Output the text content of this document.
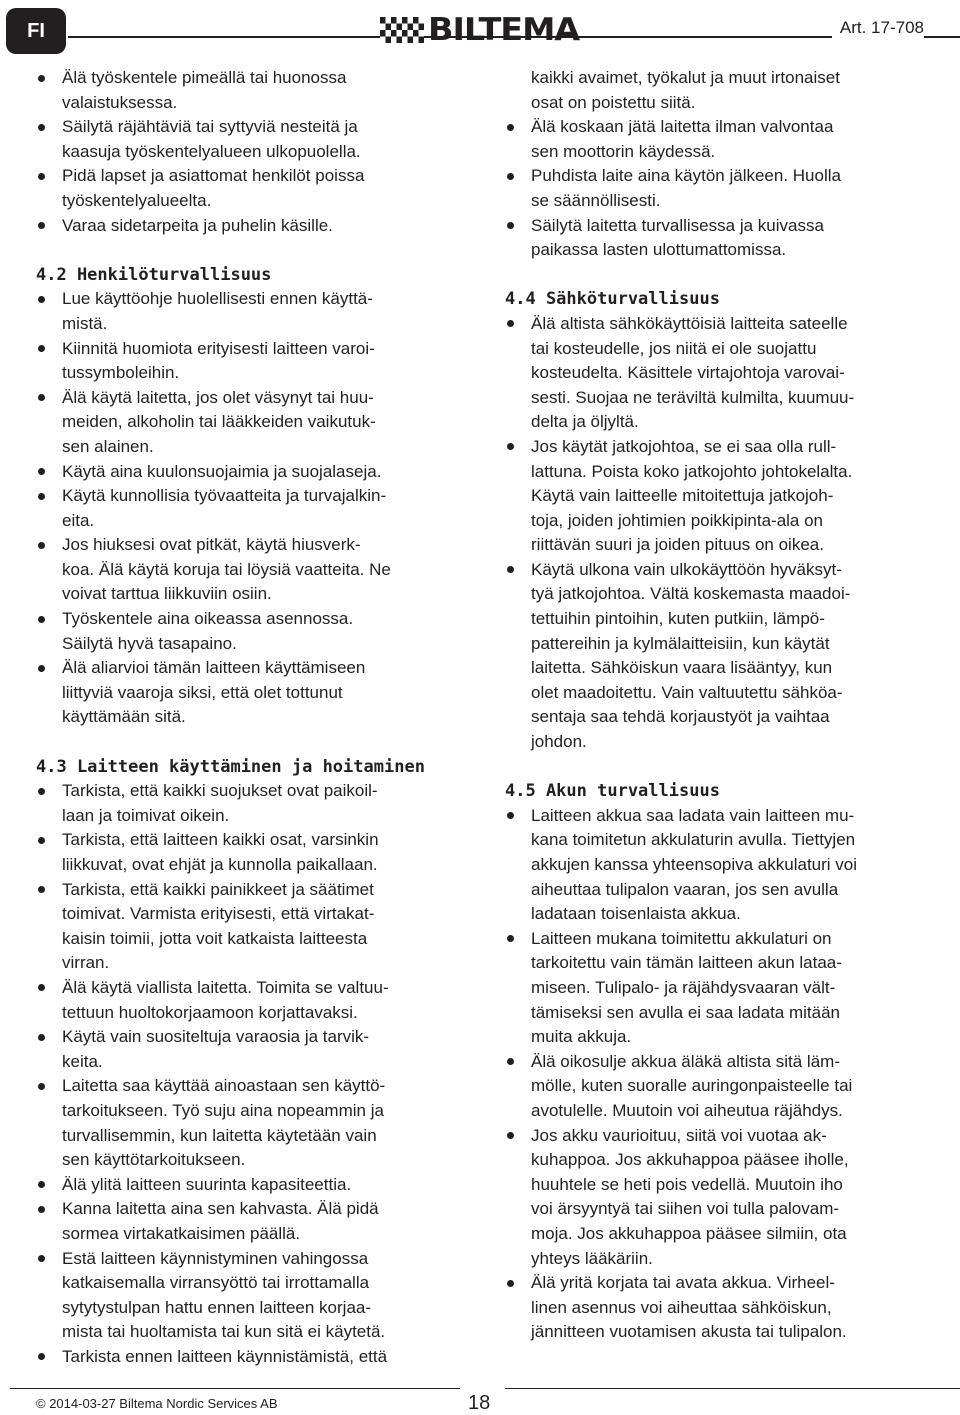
FI	BILTEMA	Art. 17-708
Älä työskentele pimeällä tai huonossa
valaistuksessa.
Säilytä räjähtäviä tai syttyviä nesteitä ja
kaasuja työskentelyalueen ulkopuolella.
Pidä lapset ja asiattomat henkilöt poissa
työskentelyalueelta.
Varaa sidetarpeita ja puhelin käsille.
4.2 Henkilöturvallisuus
Lue käyttöohje huolellisesti ennen käyttä-
mistä.
Kiinnitä huomiota erityisesti laitteen varoi-
tussymboleihin.
Älä käytä laitetta, jos olet väsynyt tai huu-
meiden, alkoholin tai lääkkeiden vaikutuk-
sen alainen.
Käytä aina kuulonsuojaimia ja suojalaseja.
Käytä kunnollisia työvaatteita ja turvajalkin-
eita.
Jos hiuksesi ovat pitkät, käytä hiusverk-
koa. Älä käytä koruja tai löysiä vaatteita. Ne
voivat tarttua liikkuviin osiin.
Työskentele aina oikeassa asennossa.
Säilytä hyvä tasapaino.
Älä aliarvioi tämän laitteen käyttämiseen
liittyviä vaaroja siksi, että olet tottunut
käyttämään sitä.
4.3 Laitteen käyttäminen ja hoitaminen
Tarkista, että kaikki suojukset ovat paikoil-
laan ja toimivat oikein.
Tarkista, että laitteen kaikki osat, varsinkin
liikkuvat, ovat ehjät ja kunnolla paikallaan.
Tarkista, että kaikki painikkeet ja säätimet
toimivat. Varmista erityisesti, että virtakat-
kaisin toimii, jotta voit katkaista laitteesta
virran.
Älä käytä viallista laitetta. Toimita se valtuu-
tettuun huoltokorjaamoon korjattavaksi.
Käytä vain suositeltuja varaosia ja tarvik-
keita.
Laitetta saa käyttää ainoastaan sen käyttö-
tarkoitukseen. Työ suju aina nopeammin ja
turvallisemmin, kun laitetta käytetään vain
sen käyttötarkoitukseen.
Älä ylitä laitteen suurinta kapasiteettia.
Kanna laitetta aina sen kahvasta. Älä pidä
sormea virtakatkaisimen päällä.
Estä laitteen käynnistyminen vahingossa
katkaisemalla virransyöttö tai irrottamalla
sytytystulpan hattu ennen laitteen korjaa-
mista tai huoltamista tai kun sitä ei käytetä.
Tarkista ennen laitteen käynnistämistä, että
kaikki avaimet, työkalut ja muut irtonaiset
osat on poistettu siitä.
Älä koskaan jätä laitetta ilman valvontaa
sen moottorin käydessä.
Puhdista laite aina käytön jälkeen. Huolla
se säännöllisesti.
Säilytä laitetta turvallisessa ja kuivassa
paikassa lasten ulottumattomissa.
4.4 Sähköturvallisuus
Älä altista sähkökäyttöisiä laitteita sateelle
tai kosteudelle, jos niitä ei ole suojattu
kosteudelta. Käsittele virtajohtoja varovai-
sesti. Suojaa ne teräviltä kulmilta, kuumuu-
delta ja öljyltä.
Jos käytät jatkojohtoa, se ei saa olla rull-
lattuna. Poista koko jatkojohto johtokelalta.
Käytä vain laitteelle mitoitettuja jatkojoh-
toja, joiden johtimien poikkipinta-ala on
riittävän suuri ja joiden pituus on oikea.
Käytä ulkona vain ulkokäyttöön hyväksyt-
tyä jatkojohtoa. Vältä koskemasta maadoi-
tettuihin pintoihin, kuten putkiin, lämpö-
pattereihin ja kylmälaitteisiin, kun käytät
laitetta. Sähköiskun vaara lisääntyy, kun
olet maadoitettu. Vain valtuutettu sähköa-
sentaja saa tehdä korjaustyöt ja vaihtaa
johdon.
4.5 Akun turvallisuus
Laitteen akkua saa ladata vain laitteen mu-
kana toimitetun akkulaturin avulla. Tiettyjen
akkujen kanssa yhteensopiva akkulaturi voi
aiheuttaa tulipalon vaaran, jos sen avulla
ladataan toisenlaista akkua.
Laitteen mukana toimitettu akkulaturi on
tarkoitettu vain tämän laitteen akun lataa-
miseen. Tulipalo- ja räjähdysvaaran vält-
tämiseksi sen avulla ei saa ladata mitään
muita akkuja.
Älä oikosulje akkua äläkä altista sitä läm-
mölle, kuten suoralle auringonpaisteelle tai
avotulelle. Muutoin voi aiheutua räjähdys.
Jos akku vaurioituu, siitä voi vuotaa ak-
kuhappoa. Jos akkuhappoa pääsee iholle,
huuhtele se heti pois vedellä. Muutoin iho
voi ärsyyntyä tai siihen voi tulla palovam-
moja. Jos akkuhappoa pääsee silmiin, ota
yhteys lääkäriin.
Älä yritä korjata tai avata akkua. Virheel-
linen asennus voi aiheuttaa sähköiskun,
jännitteen vuotamisen akusta tai tulipalon.
© 2014-03-27 Biltema Nordic Services AB	18
